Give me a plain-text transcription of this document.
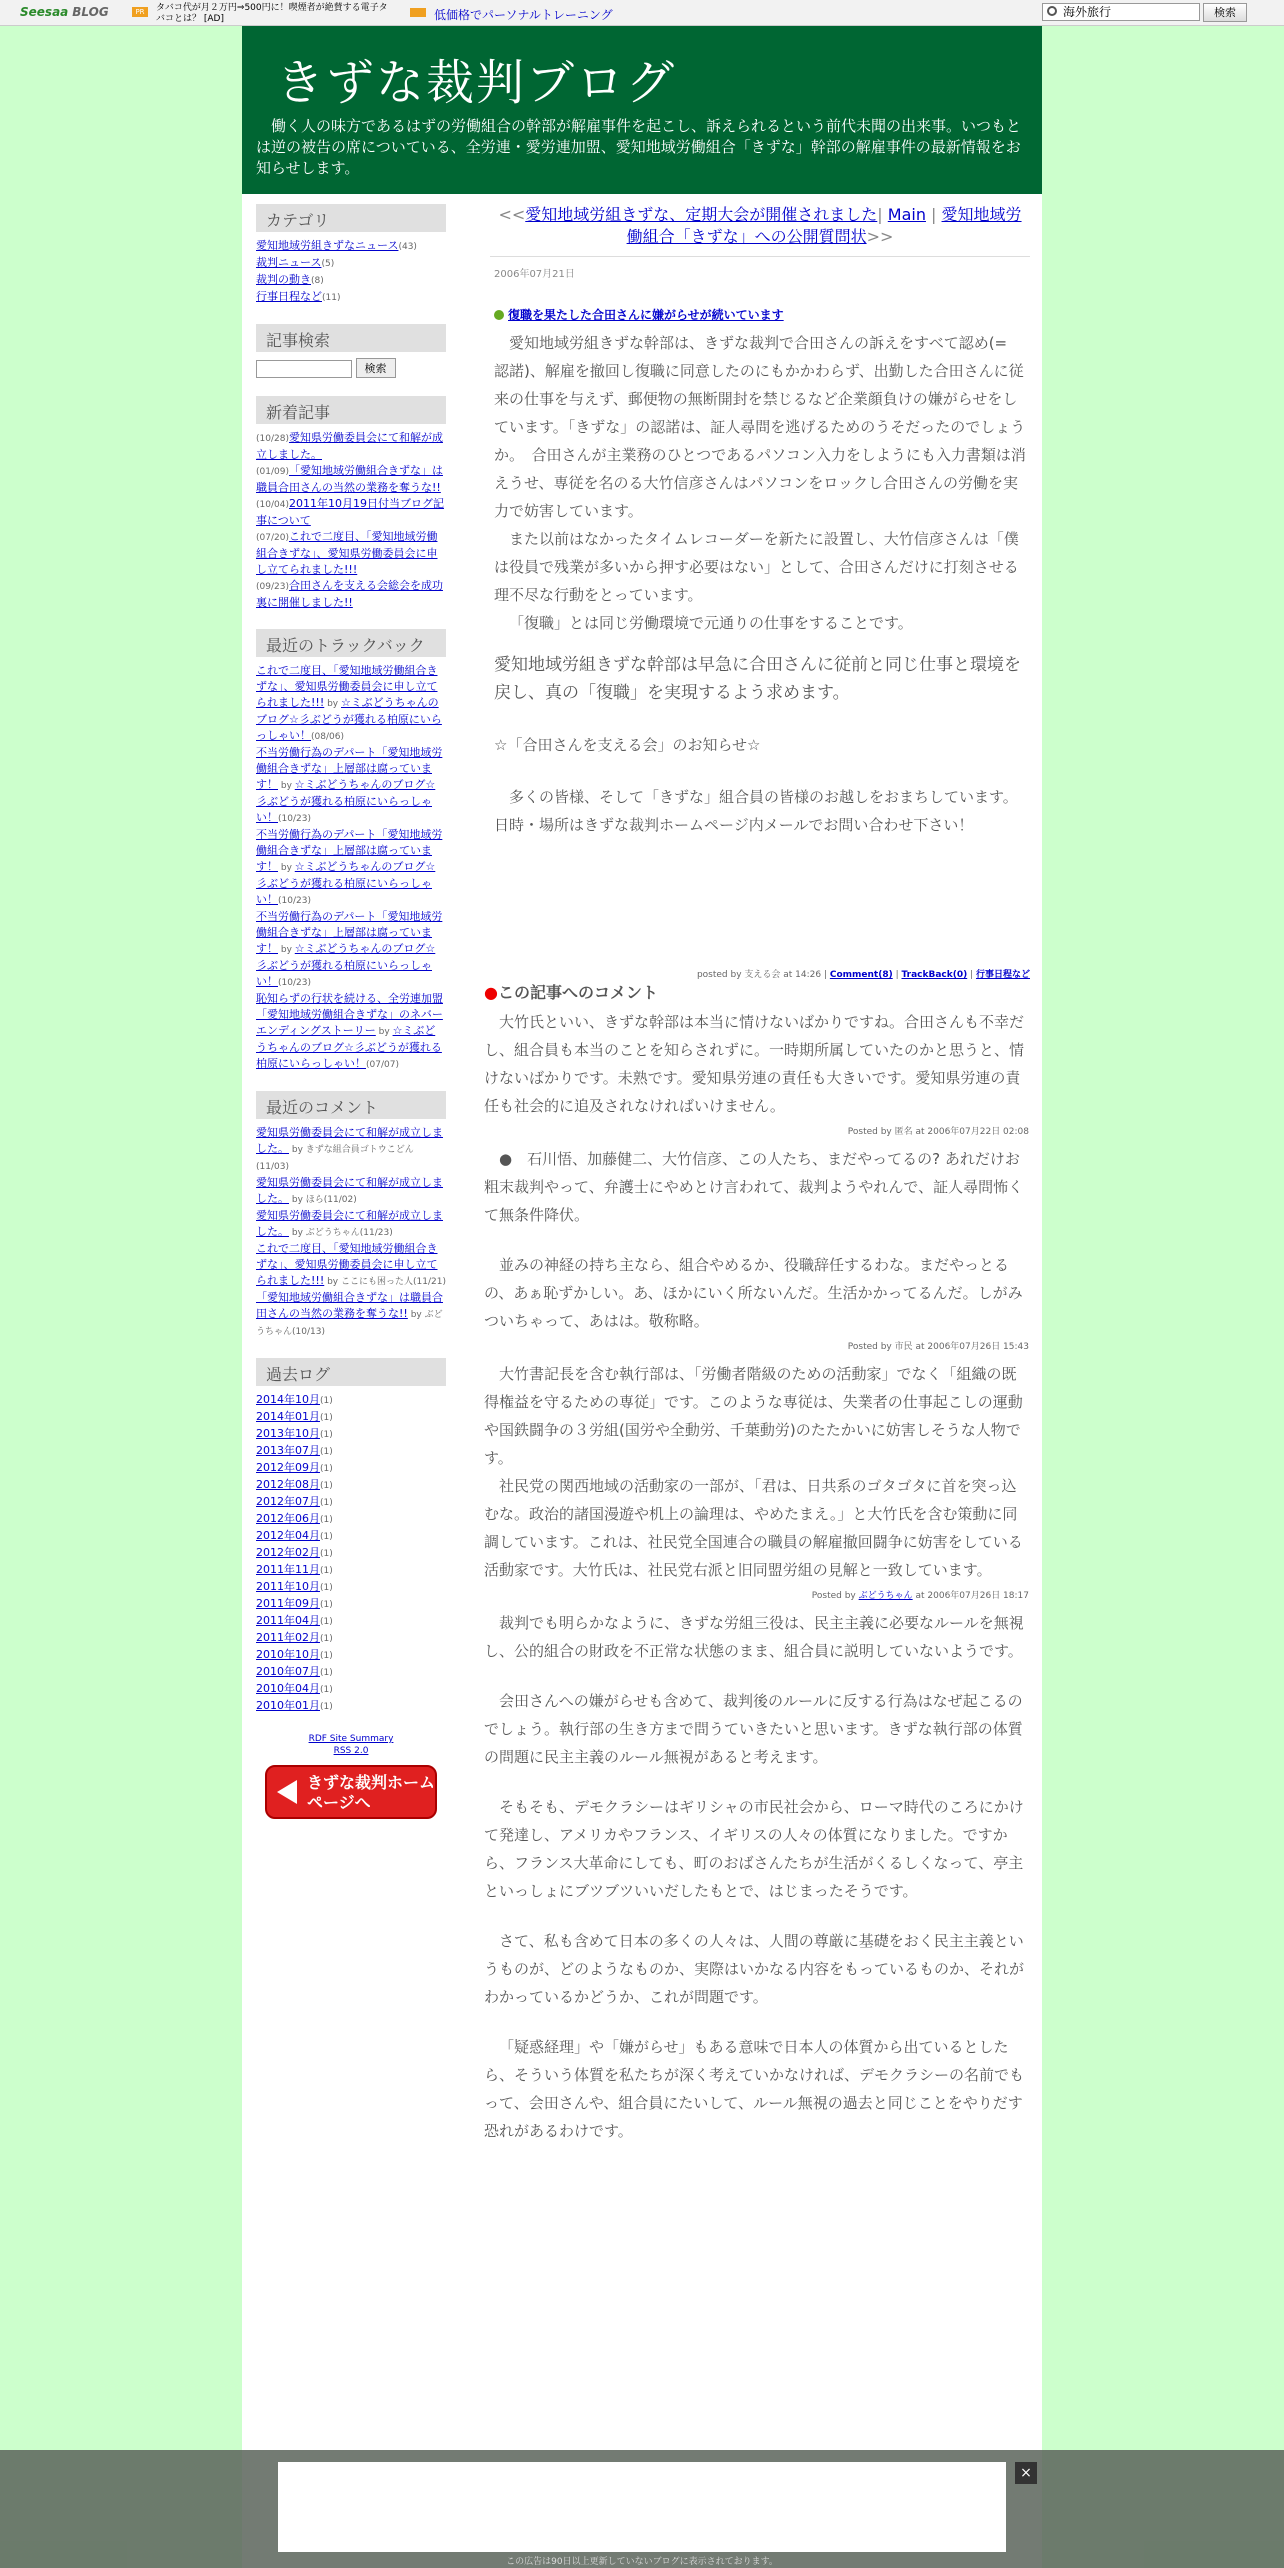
Seesaa BLOG	PR	タバコ代が月２万円⇒500円に！喫煙者が絶賛する電子タバコとは？ [AD]	低価格でパーソナルトレーニング	海外旅行	検索
きずな裁判ブログ
働く人の味方であるはずの労働組合の幹部が解雇事件を起こし、訴えられるという前代未聞の出来事。いつもとは逆の被告の席についている、全労連・愛労連加盟、愛知地域労働組合「きずな」幹部の解雇事件の最新情報をお知らせします。
カテゴリ
愛知地域労組きずなニュース(43)
裁判ニュース(5)
裁判の動き(8)
行事日程など(11)
記事検索
検索
新着記事
(10/28)愛知県労働委員会にて和解が成立しました。
(01/09)「愛知地域労働組合きずな」は職員合田さんの当然の業務を奪うな!!
(10/04)2011年10月19日付当ブログ記事について
(07/20)これで二度目、「愛知地域労働組合きずな」、愛知県労働委員会に申し立てられました!!!
(09/23)合田さんを支える会総会を成功裏に開催しました!!
最近のトラックバック
これで二度目、「愛知地域労働組合きずな」、愛知県労働委員会に申し立てられました!!! by ☆ミぶどうちゃんのブログ☆彡ぶどうが獲れる柏原にいらっしゃい！(08/06)
不当労働行為のデパート「愛知地域労働組合きずな」上層部は腐っています！ by ☆ミぶどうちゃんのブログ☆彡ぶどうが獲れる柏原にいらっしゃい！(10/23)
不当労働行為のデパート「愛知地域労働組合きずな」上層部は腐っています！ by ☆ミぶどうちゃんのブログ☆彡ぶどうが獲れる柏原にいらっしゃい！(10/23)
不当労働行為のデパート「愛知地域労働組合きずな」上層部は腐っています！ by ☆ミぶどうちゃんのブログ☆彡ぶどうが獲れる柏原にいらっしゃい！(10/23)
恥知らずの行状を続ける、全労連加盟「愛知地域労働組合きずな」のネバーエンディングストーリー by ☆ミぶどうちゃんのブログ☆彡ぶどうが獲れる柏原にいらっしゃい！(07/07)
最近のコメント
愛知県労働委員会にて和解が成立しました。 by きずな組合員ゴトウこどん(11/03)
愛知県労働委員会にて和解が成立しました。 by ほら(11/02)
愛知県労働委員会にて和解が成立しました。 by ぶどうちゃん(11/23)
これで二度目、「愛知地域労働組合きずな」、愛知県労働委員会に申し立てられました!!! by ここにも困った人(11/21)
「愛知地域労働組合きずな」は職員合田さんの当然の業務を奪うな!! by ぶどうちゃん(10/13)
過去ログ
2014年10月(1)
2014年01月(1)
2013年10月(1)
2013年07月(1)
2012年09月(1)
2012年08月(1)
2012年07月(1)
2012年06月(1)
2012年04月(1)
2012年02月(1)
2011年11月(1)
2011年10月(1)
2011年09月(1)
2011年04月(1)
2011年02月(1)
2010年10月(1)
2010年07月(1)
2010年04月(1)
2010年01月(1)
RDF Site Summary
RSS 2.0
きずな裁判ホームページへ
<<愛知地域労組きずな、定期大会が開催されました| Main | 愛知地域労働組合「きずな」への公開質問状>>
2006年07月21日
復職を果たした合田さんに嫌がらせが続いています

愛知地域労組きずな幹部は、きずな裁判で合田さんの訴えをすべて認め(= 認諾)、解雇を撤回し復職に同意したのにもかかわらず、出勤した合田さんに従来の仕事を与えず、郵便物の無断開封を禁じるなど企業顔負けの嫌がらせをしています。「きずな」の認諾は、証人尋問を逃げるためのうそだったのでしょうか。　合田さんが主業務のひとつであるパソコン入力をしようにも入力書類は消えうせ、専従を名のる大竹信彦さんはパソコンをロックし合田さんの労働を実力で妨害しています。

また以前はなかったタイムレコーダーを新たに設置し、大竹信彦さんは「僕は役員で残業が多いから押す必要はない」として、合田さんだけに打刻させる理不尽な行動をとっています。

「復職」とは同じ労働環境で元通りの仕事をすることです。

愛知地域労組きずな幹部は早急に合田さんに従前と同じ仕事と環境を戻し、真の「復職」を実現するよう求めます。
☆「合田さんを支える会」のお知らせ☆

多くの皆様、そして「きずな」組合員の皆様のお越しをおまちしています。日時・場所はきずな裁判ホームページ内メールでお問い合わせ下さい！

posted by 支える会 at 14:26 | Comment(8) | TrackBack(0) | 行事日程など
●この記事へのコメント

大竹氏といい、きずな幹部は本当に情けないばかりですね。合田さんも不幸だし、組合員も本当のことを知らされずに。一時期所属していたのかと思うと、情けないばかりです。未熟です。愛知県労連の責任も大きいです。愛知県労連の責任も社会的に追及されなければいけません。

Posted by 匿名 at 2006年07月22日 02:08

●　石川悟、加藤健二、大竹信彦、この人たち、まだやってるの? あれだけお粗末裁判やって、弁護士にやめとけ言われて、裁判ようやれんで、証人尋問怖くて無条件降伏。

並みの神経の持ち主なら、組合やめるか、役職辞任するわな。まだやっとるの、あぁ恥ずかしい。あ、ほかにいく所ないんだ。生活かかってるんだ。しがみついちゃって、あはは。敬称略。

Posted by 市民 at 2006年07月26日 15:43

大竹書記長を含む執行部は、「労働者階級のための活動家」でなく「組織の既得権益を守るための専従」です。このような専従は、失業者の仕事起こしの運動や国鉄闘争の３労組(国労や全動労、千葉動労)のたたかいに妨害しそうな人物です。

社民党の関西地域の活動家の一部が、「君は、日共系のゴタゴタに首を突っ込むな。政治的諸国漫遊や机上の論理は、やめたまえ。」と大竹氏を含む策動に同調しています。これは、社民党全国連合の職員の解雇撤回闘争に妨害をしている活動家です。大竹氏は、社民党右派と旧同盟労組の見解と一致しています。

Posted by ぶどうちゃん at 2006年07月26日 18:17

裁判でも明らかなように、きずな労組三役は、民主主義に必要なルールを無視し、公的組合の財政を不正常な状態のまま、組合員に説明していないようです。

会田さんへの嫌がらせも含めて、裁判後のルールに反する行為はなぜ起こるのでしょう。執行部の生き方まで問うていきたいと思います。きずな執行部の体質の問題に民主主義のルール無視があると考えます。

そもそも、デモクラシーはギリシャの市民社会から、ローマ時代のころにかけて発達し、アメリカやフランス、イギリスの人々の体質になりました。ですから、フランス大革命にしても、町のおばさんたちが生活がくるしくなって、亭主といっしょにブツブツいいだしたもとで、はじまったそうです。

さて、私も含めて日本の多くの人々は、人間の尊厳に基礎をおく民主主義というものが、どのようなものか、実際はいかなる内容をもっているものか、それがわかっているかどうか、これが問題です。

「疑惑経理」や「嫌がらせ」もある意味で日本人の体質から出ているとしたら、そういう体質を私たちが深く考えていかなければ、デモクラシーの名前でもって、会田さんや、組合員にたいして、ルール無視の過去と同じことをやりだす恐れがあるわけです。

×
この広告は90日以上更新していないブログに表示されております。
